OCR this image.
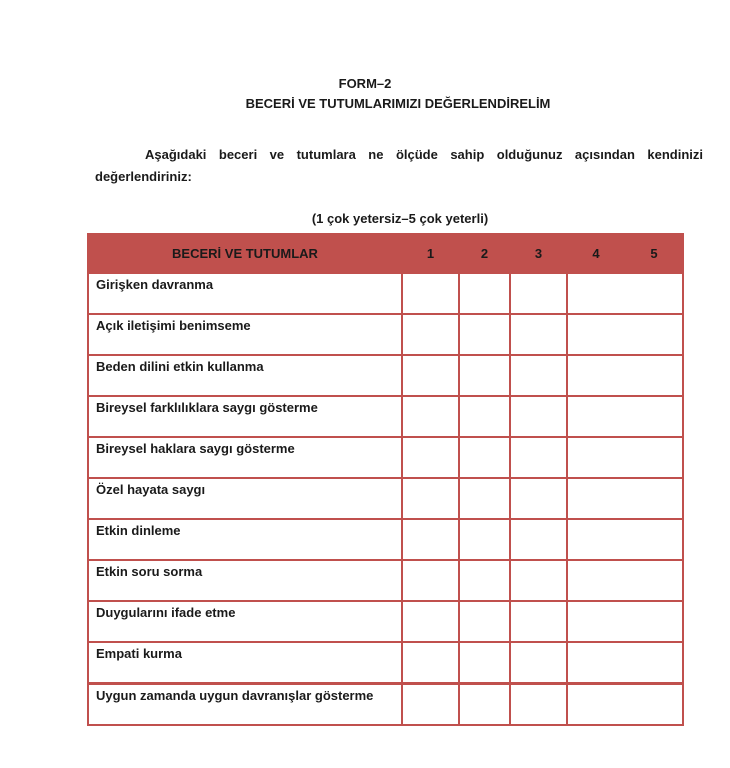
FORM–2
BECERİ VE TUTUMLARIMIZI DEĞERLENDİRELİM

Aşağıdaki beceri ve tutumlara ne ölçüde sahip olduğunuz açısından kendinizi değerlendiriniz:

(1 çok yetersiz–5 çok yeterli)
BECERİ VE TUTUMLAR	1	2	3	4	5
Girişken davranma					
Açık iletişimi benimseme					
Beden dilini etkin kullanma					
Bireysel farklılıklara saygı gösterme					
Bireysel haklara saygı gösterme					
Özel hayata saygı					
Etkin dinleme					
Etkin soru sorma					
Duygularını ifade etme					
Empati kurma					
Uygun zamanda uygun davranışlar gösterme					
